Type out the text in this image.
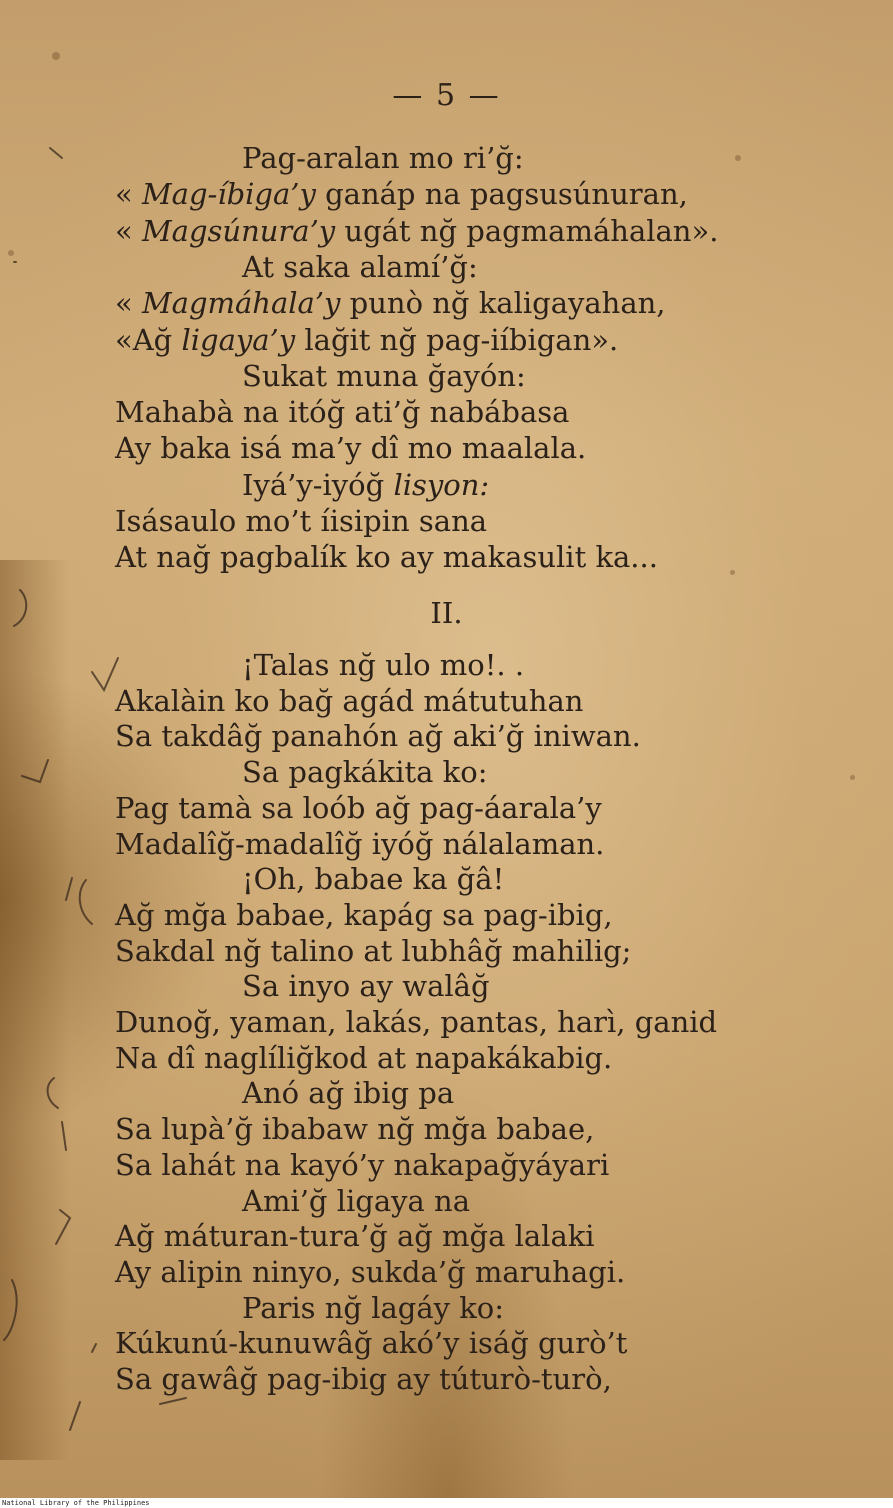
— 5 —
Pag-aralan mo ri’ğ:
« Mag-íbiga’y ganáp na pagsusúnuran,
« Magsúnura’y ugát nğ pagmamáhalan».
At saka alamí’ğ:
« Magmáhala’y punò nğ kaligayahan,
«Ağ ligaya’y lağit nğ pag-iíbigan».
Sukat muna ğayón:
Mahabà na itóğ ati’ğ nabábasa
Ay baka isá ma’y dî mo maalala.
Iyá’y-iyóğ lisyon:
Isásaulo mo’t íisipin sana
At nağ pagbalík ko ay makasulit ka...
II.
¡Talas nğ ulo mo!. .
Akalàin ko bağ agád mátutuhan
Sa takdâğ panahón ağ aki’ğ iniwan.
Sa pagkákita ko:
Pag tamà sa loób ağ pag-áarala’y
Madalîğ-madalîğ iyóğ nálalaman.
¡Oh, babae ka ğâ!
Ağ mğa babae, kapág sa pag-ibig,
Sakdal nğ talino at lubhâğ mahilig;
Sa inyo ay walâğ
Dunoğ, yaman, lakás, pantas, harì, ganid
Na dî naglíliğkod at napakákabig.
Anó ağ ibig pa
Sa lupà’ğ ibabaw nğ mğa babae,
Sa lahát na kayó’y nakapağyáyari
Ami’ğ ligaya na
Ağ máturan-tura’ğ ağ mğa lalaki
Ay alipin ninyo, sukda’ğ maruhagi.
Paris nğ lagáy ko:
Kúkunú-kunuwâğ akó’y isáğ gurò’t
Sa gawâğ pag-ibig ay túturò-turò,
National Library of the Philippines
